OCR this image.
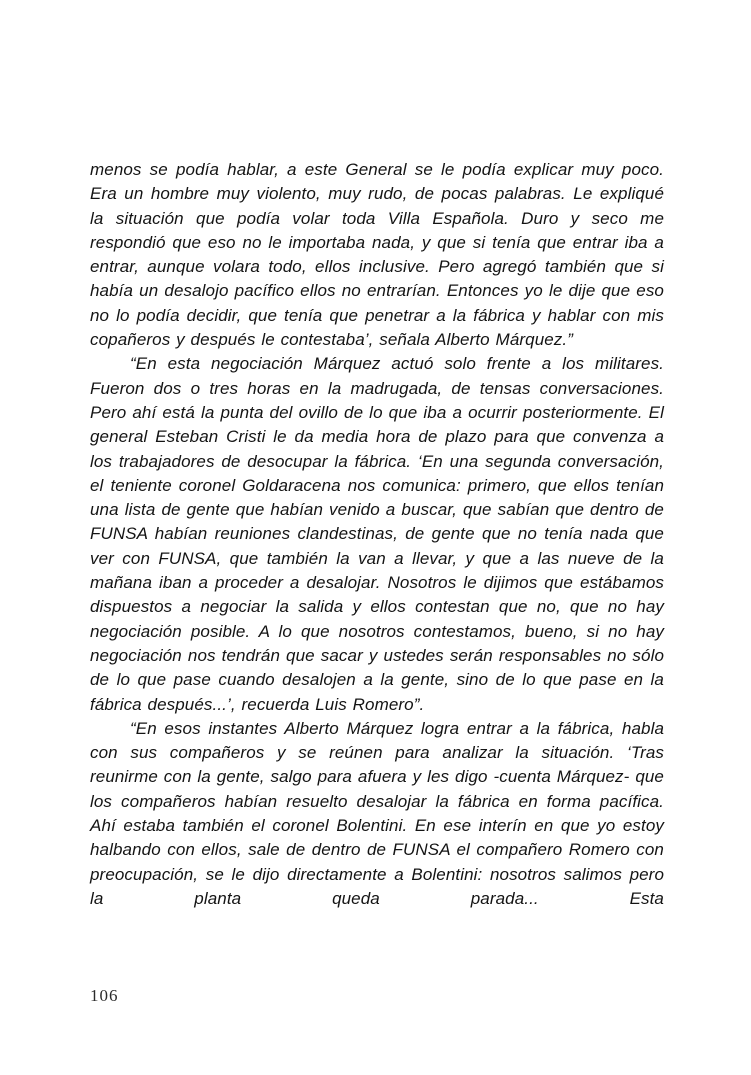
menos se podía hablar, a este General se le podía explicar muy poco. Era un hombre muy violento, muy rudo, de pocas palabras. Le expliqué la situación que podía volar toda Villa Española. Duro y seco me respondió que eso no le importaba nada, y que si tenía que entrar iba a entrar, aunque volara todo, ellos inclusive. Pero agregó también que si había un desalojo pacífico ellos no entrarían. Entonces yo le dije que eso no lo podía decidir, que tenía que penetrar a la fábrica y hablar con mis copañeros y después le contestaba’, señala Alberto Márquez.”

“En esta negociación Márquez actuó solo frente a los militares. Fueron dos o tres horas en la madrugada, de tensas conversaciones. Pero ahí está la punta del ovillo de lo que iba a ocurrir posteriormente. El general Esteban Cristi le da media hora de plazo para que convenza a los trabajadores de desocupar la fábrica. ‘En una segunda conversación, el teniente coronel Goldaracena nos comunica: primero, que ellos tenían una lista de gente que habían venido a buscar, que sabían que dentro de FUNSA habían reuniones clandestinas, de gente que no tenía nada que ver con FUNSA, que también la van a llevar, y que a las nueve de la mañana iban a proceder a desalojar. Nosotros le dijimos que estábamos dispuestos a negociar la salida y ellos contestan que no, que no hay negociación posible. A lo que nosotros contestamos, bueno, si no hay negociación nos tendrán que sacar y ustedes serán responsables no sólo de lo que pase cuando desalojen a la gente, sino de lo que pase en la fábrica después...’, recuerda Luis Romero”.

“En esos instantes Alberto Márquez logra entrar a la fábrica, habla con sus compañeros y se reúnen para analizar la situación. ‘Tras reunirme con la gente, salgo para afuera y les digo -cuenta Márquez- que los compañeros habían resuelto desalojar la fábrica en forma pacífica. Ahí estaba también el coronel Bolentini. En ese interín en que yo estoy halbando con ellos, sale de dentro de FUNSA el compañero Romero con preocupación, se le dijo directamente a Bolentini: nosotros salimos pero la planta queda parada... Esta

106
